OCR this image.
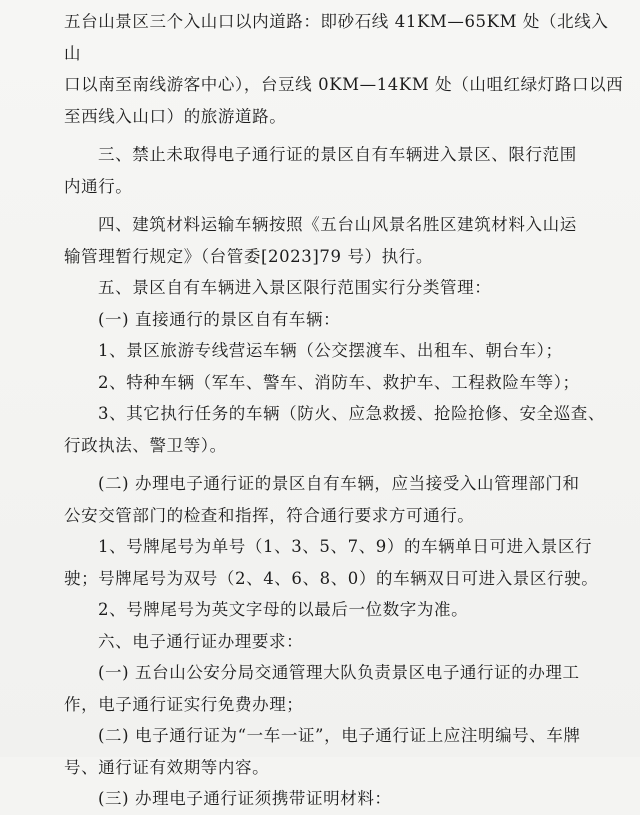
五台山景区三个入山口以内道路：即砂石线 41KM—65KM 处（北线入山

口以南至南线游客中心），台豆线 0KM—14KM 处（山咀红绿灯路口以西

至西线入山口）的旅游道路。

三、禁止未取得电子通行证的景区自有车辆进入景区、限行范围

内通行。

四、建筑材料运输车辆按照《五台山风景名胜区建筑材料入山运

输管理暂行规定》（台管委[2023]79 号）执行。

五、景区自有车辆进入景区限行范围实行分类管理：

(一) 直接通行的景区自有车辆：

1、景区旅游专线营运车辆（公交摆渡车、出租车、朝台车）；

2、特种车辆（军车、警车、消防车、救护车、工程救险车等）；

3、其它执行任务的车辆（防火、应急救援、抢险抢修、安全巡查、

行政执法、警卫等）。

(二) 办理电子通行证的景区自有车辆，应当接受入山管理部门和

公安交管部门的检查和指挥，符合通行要求方可通行。

1、号牌尾号为单号（1、3、5、7、9）的车辆单日可进入景区行

驶；号牌尾号为双号（2、4、6、8、0）的车辆双日可进入景区行驶。

2、号牌尾号为英文字母的以最后一位数字为准。

六、电子通行证办理要求：

(一) 五台山公安分局交通管理大队负责景区电子通行证的办理工

作，电子通行证实行免费办理；

(二) 电子通行证为“一车一证”，电子通行证上应注明编号、车牌

号、通行证有效期等内容。

(三) 办理电子通行证须携带证明材料：
